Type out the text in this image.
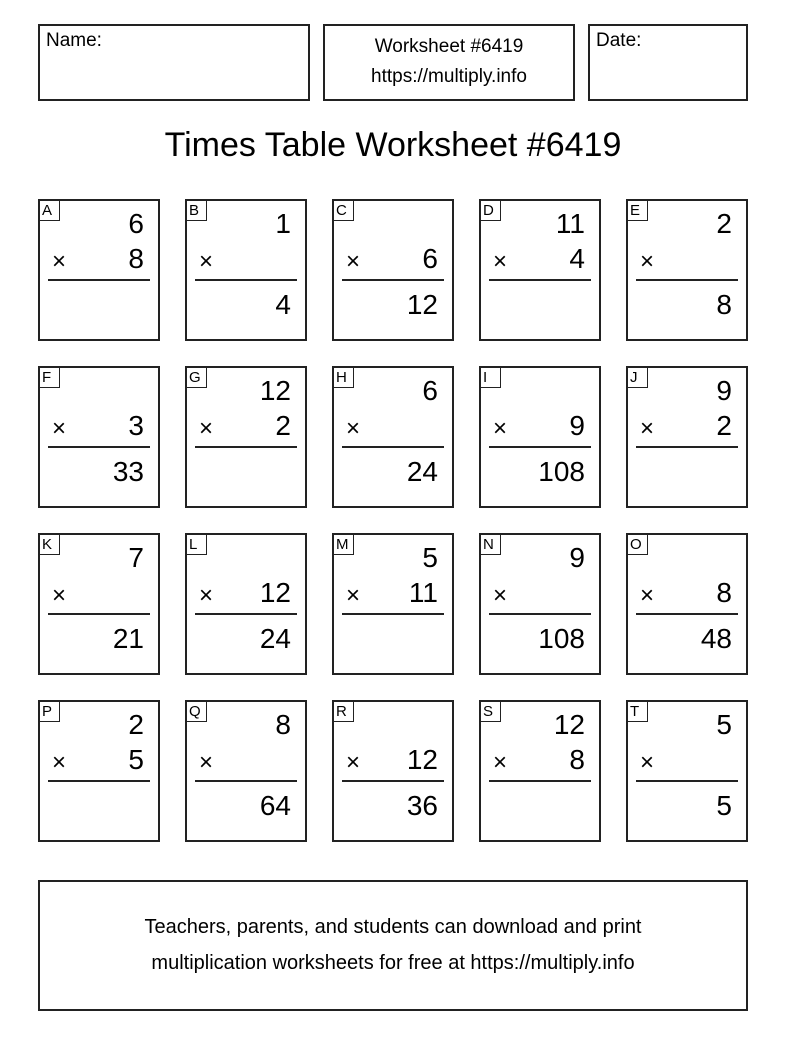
Name:	Worksheet #6419
https://multiply.info
Date:
Times Table Worksheet #6419
A	6
× 8
B	1
×
4
C
× 6
12
D 11
× 4
E	2
×
8
F
× 3
33
G 12
× 2
H	6
×
24
I
× 9
108
J	9
× 2
K	7
×
21
L
× 12
24
M	5
× 11
N	9
×
108
O
× 8
48
P	2
× 5
Q	8
×
64
R
× 12
36
S 12
× 8
T	5
×
5
Teachers, parents, and students can download and print
multiplication worksheets for free at https://multiply.info
